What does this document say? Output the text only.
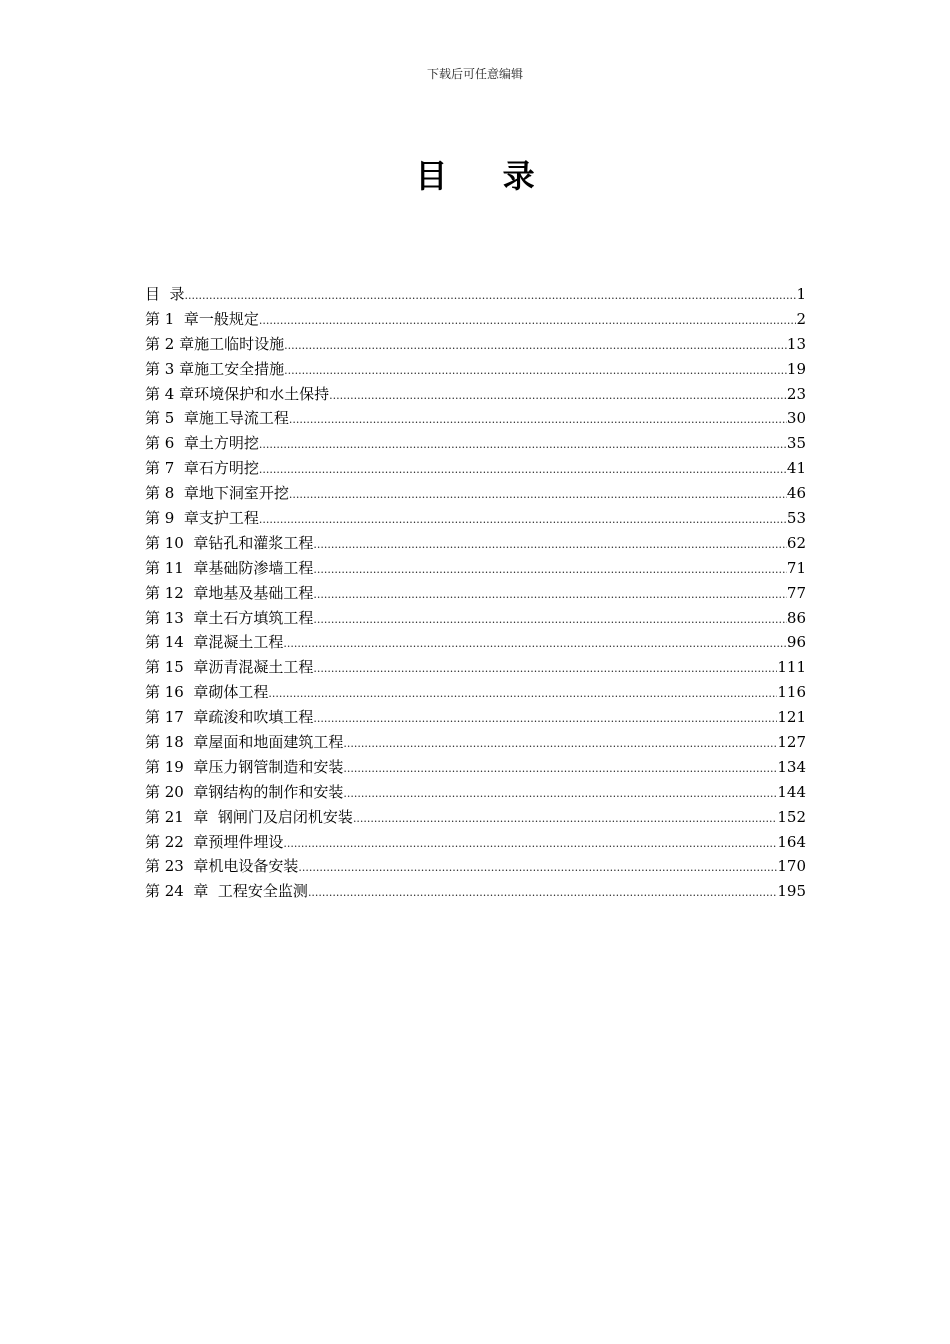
下载后可任意编辑
目 录
目  录 .....	1
第 1  章一般规定 .....	2
第 2 章施工临时设施 .....	13
第 3 章施工安全措施 .....	19
第 4 章环境保护和水土保持 .....	23
第 5  章施工导流工程 .....	30
第 6  章土方明挖 .....	35
第 7  章石方明挖 .....	41
第 8  章地下洞室开挖 .....	46
第 9  章支护工程 .....	53
第 10  章钻孔和灌浆工程 .....	62
第 11  章基础防渗墙工程 .....	71
第 12  章地基及基础工程 .....	77
第 13  章土石方填筑工程 .....	86
第 14  章混凝土工程 .....	96
第 15  章沥青混凝土工程 .....	111
第 16  章砌体工程 .....	116
第 17  章疏浚和吹填工程 .....	121
第 18  章屋面和地面建筑工程 .....	127
第 19  章压力钢管制造和安装 .....	134
第 20  章钢结构的制作和安装 .....	144
第 21  章  钢闸门及启闭机安装 .....	152
第 22  章预埋件埋设 .....	164
第 23  章机电设备安装 .....	170
第 24  章  工程安全监测 .....	195
